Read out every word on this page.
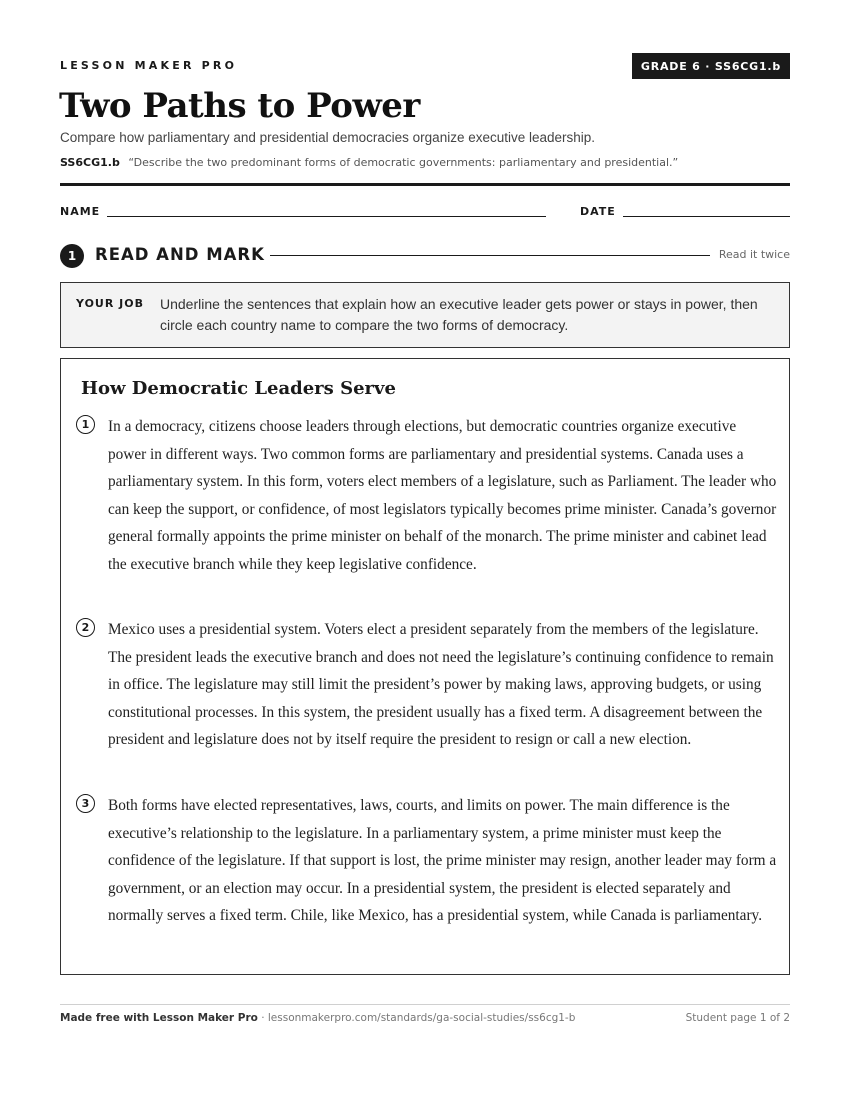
LESSON MAKER PRO	GRADE 6 · SS6CG1.b
Two Paths to Power
Compare how parliamentary and presidential democracies organize executive leadership.
SS6CG1.b “Describe the two predominant forms of democratic governments: parliamentary and presidential.”
NAME	DATE
1	READ AND MARK	Read it twice
YOUR JOB Underline the sentences that explain how an executive leader gets power or stays in power, then circle each country name to compare the two forms of democracy.
How Democratic Leaders Serve
1	In a democracy, citizens choose leaders through elections, but democratic countries organize executive power in different ways. Two common forms are parliamentary and presidential systems. Canada uses a parliamentary system. In this form, voters elect members of a legislature, such as Parliament. The leader who can keep the support, or confidence, of most legislators typically becomes prime minister. Canada’s governor general formally appoints the prime minister on behalf of the monarch. The prime minister and cabinet lead the executive branch while they keep legislative confidence.

2	Mexico uses a presidential system. Voters elect a president separately from the members of the legislature. The president leads the executive branch and does not need the legislature’s continuing confidence to remain in office. The legislature may still limit the president’s power by making laws, approving budgets, or using constitutional processes. In this system, the president usually has a fixed term. A disagreement between the president and legislature does not by itself require the president to resign or call a new election.

3	Both forms have elected representatives, laws, courts, and limits on power. The main difference is the executive’s relationship to the legislature. In a parliamentary system, a prime minister must keep the confidence of the legislature. If that support is lost, the prime minister may resign, another leader may form a government, or an election may occur. In a presidential system, the president is elected separately and normally serves a fixed term. Chile, like Mexico, has a presidential system, while Canada is parliamentary.

Made free with Lesson Maker Pro · lessonmakerpro.com/standards/ga-social-studies/ss6cg1-b	Student page 1 of 2
